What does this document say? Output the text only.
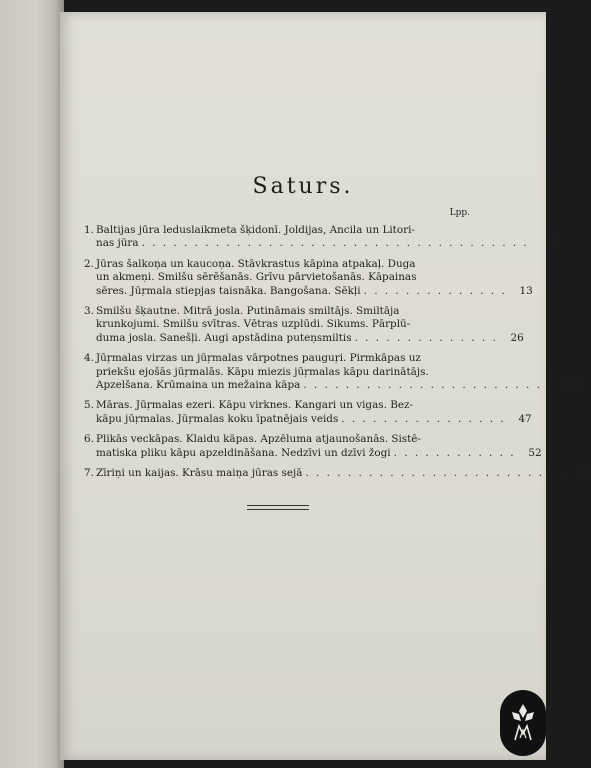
Saturs.
Lpp.
1. Baltijas jūra leduslaikmeta šķidonī. Joldijas, Ancila un Litori-
nas jūra . . . . . . . . . . . . . . . . . . . . . . . . . . . . . . . . . . . . .	8
2. Jūras šalkoņa un kaucoņa. Stāvkrastus kāpina atpakaļ. Duga
un akmeņi. Smilšu sērēšanās. Grīvu pārvietošanās. Kāpainas
sēres. Jūŗmala stiepjas taisnāka. Bangošana. Sēkļi . . . . . . . . . . . . . .	13
3. Smilšu šķautne. Mitrā josla. Putināmais smiltājs. Smiltāja
krunkojumi. Smilšu svītras. Vētras uzplūdi. Sikums. Pārplū-
duma josla. Sanešļi. Augi apstādina puteņsmiltis . . . . . . . . . . . . . .	26
4. Jūŗmalas virzas un jūŗmalas vārpotnes pauguŗi. Pirmkāpas uz
priekšu ejošās jūŗmalās. Kāpu miezis jūŗmalas kāpu darinātājs.
Apzelšana. Krūmaina un mežaina kāpa . . . . . . . . . . . . . . . . . . . . . . . .	33
5. Māras. Jūŗmalas ezeri. Kāpu virknes. Kangari un vigas. Bez-
kāpu jūŗmalas. Jūŗmalas koku īpatnējais veids . . . . . . . . . . . . . . . .	47
6. Plikās veckāpas. Klaidu kāpas. Apzēluma atjaunošanās. Sistē-
matiska pliku kāpu apzeldināšana. Nedzīvi un dzīvi žogi . . . . . . . . . . . .	52
7. Zīriņi un kaijas. Krāsu maiņa jūras sejā . . . . . . . . . . . . . . . . . . . . . . . . .	58
